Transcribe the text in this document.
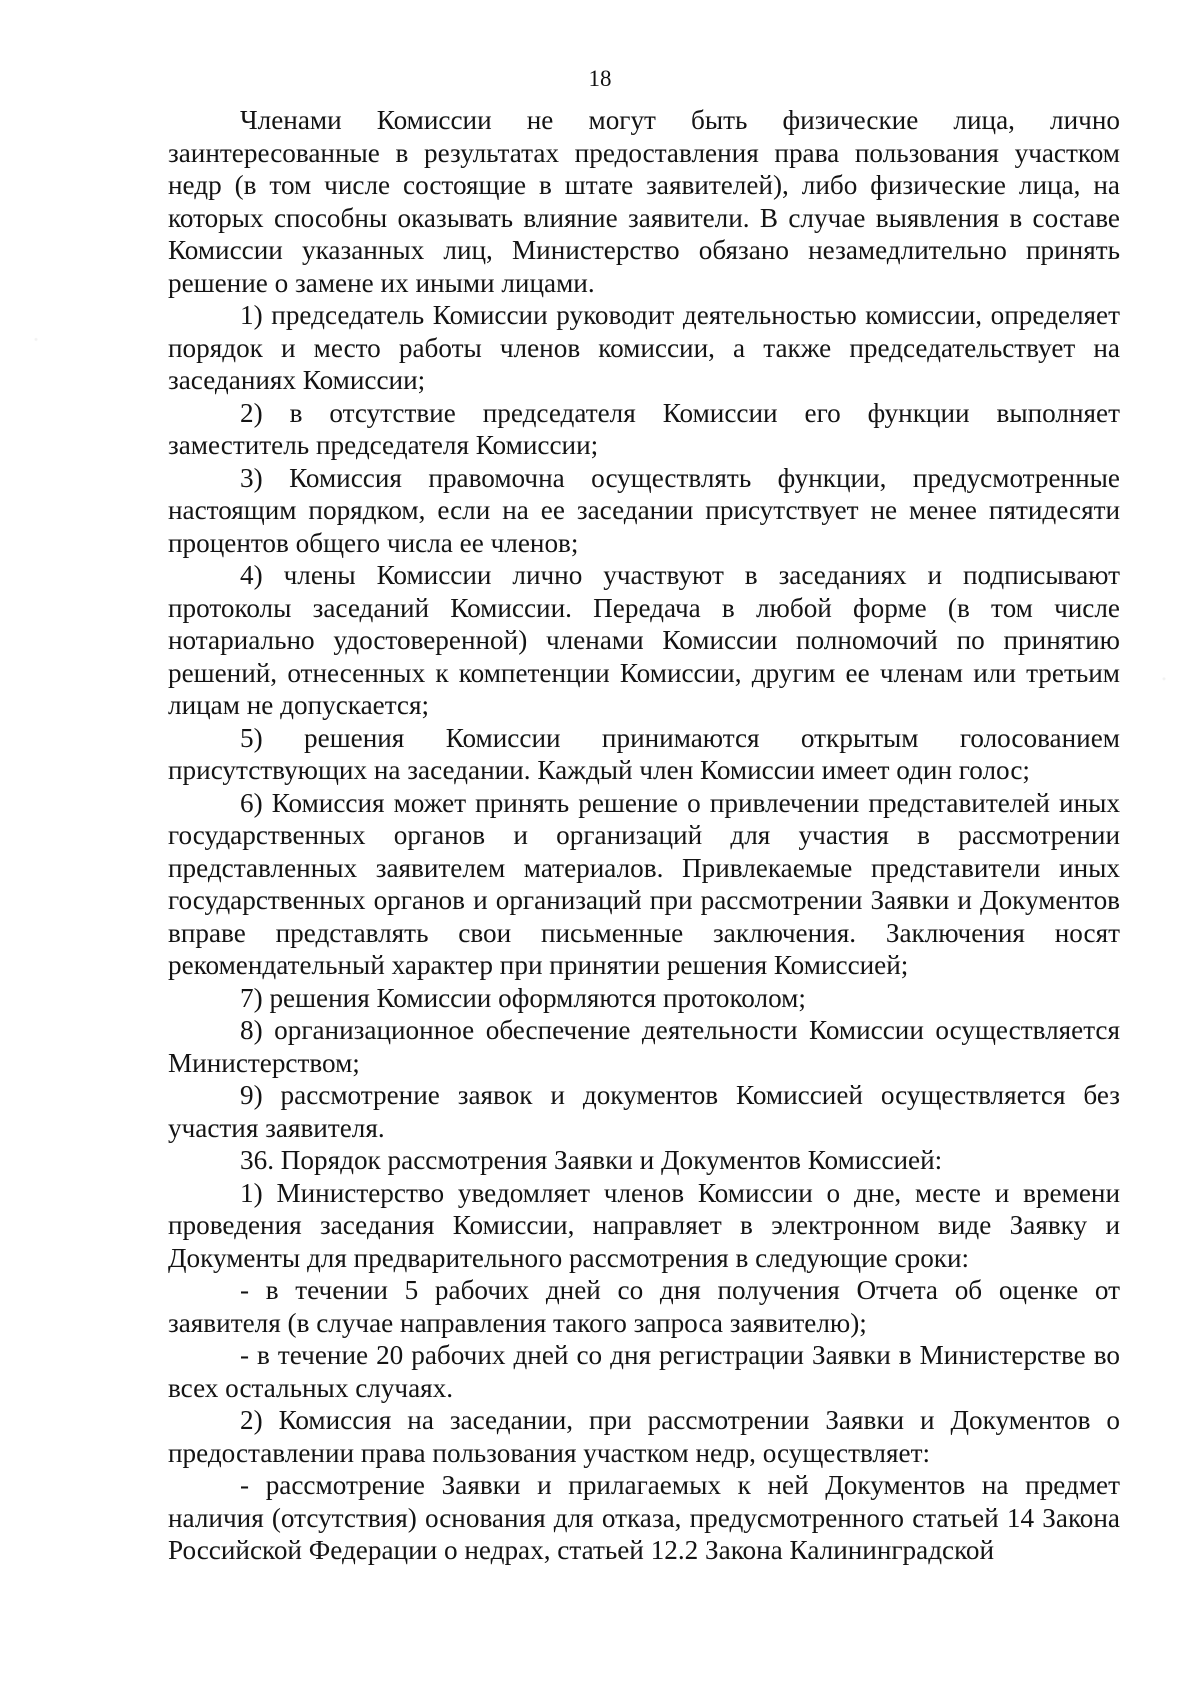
18

Членами Комиссии не могут быть физические лица, лично заинтересованные в результатах предоставления права пользования участком недр (в том числе состоящие в штате заявителей), либо физические лица, на которых способны оказывать влияние заявители. В случае выявления в составе Комиссии указанных лиц, Министерство обязано незамедлительно принять решение о замене их иными лицами.

1) председатель Комиссии руководит деятельностью комиссии, определяет порядок и место работы членов комиссии, а также председательствует на заседаниях Комиссии;

2) в отсутствие председателя Комиссии его функции выполняет заместитель председателя Комиссии;

3) Комиссия правомочна осуществлять функции, предусмотренные настоящим порядком, если на ее заседании присутствует не менее пятидесяти процентов общего числа ее членов;

4) члены Комиссии лично участвуют в заседаниях и подписывают протоколы заседаний Комиссии. Передача в любой форме (в том числе нотариально удостоверенной) членами Комиссии полномочий по принятию решений, отнесенных к компетенции Комиссии, другим ее членам или третьим лицам не допускается;

5) решения Комиссии принимаются открытым голосованием присутствующих на заседании. Каждый член Комиссии имеет один голос;

6) Комиссия может принять решение о привлечении представителей иных государственных органов и организаций для участия в рассмотрении представленных заявителем материалов. Привлекаемые представители иных государственных органов и организаций при рассмотрении Заявки и Документов вправе представлять свои письменные заключения. Заключения носят рекомендательный характер при принятии решения Комиссией;

7) решения Комиссии оформляются протоколом;

8) организационное обеспечение деятельности Комиссии осуществляется Министерством;

9) рассмотрение заявок и документов Комиссией осуществляется без участия заявителя.

36. Порядок рассмотрения Заявки и Документов Комиссией:

1) Министерство уведомляет членов Комиссии о дне, месте и времени проведения заседания Комиссии, направляет в электронном виде Заявку и Документы для предварительного рассмотрения в следующие сроки:

- в течении 5 рабочих дней со дня получения Отчета об оценке от заявителя (в случае направления такого запроса заявителю);

- в течение 20 рабочих дней со дня регистрации Заявки в Министерстве во всех остальных случаях.

2) Комиссия на заседании, при рассмотрении Заявки и Документов о предоставлении права пользования участком недр, осуществляет:

- рассмотрение Заявки и прилагаемых к ней Документов на предмет наличия (отсутствия) основания для отказа, предусмотренного статьей 14 Закона Российской Федерации о недрах, статьей 12.2 Закона Калининградской
